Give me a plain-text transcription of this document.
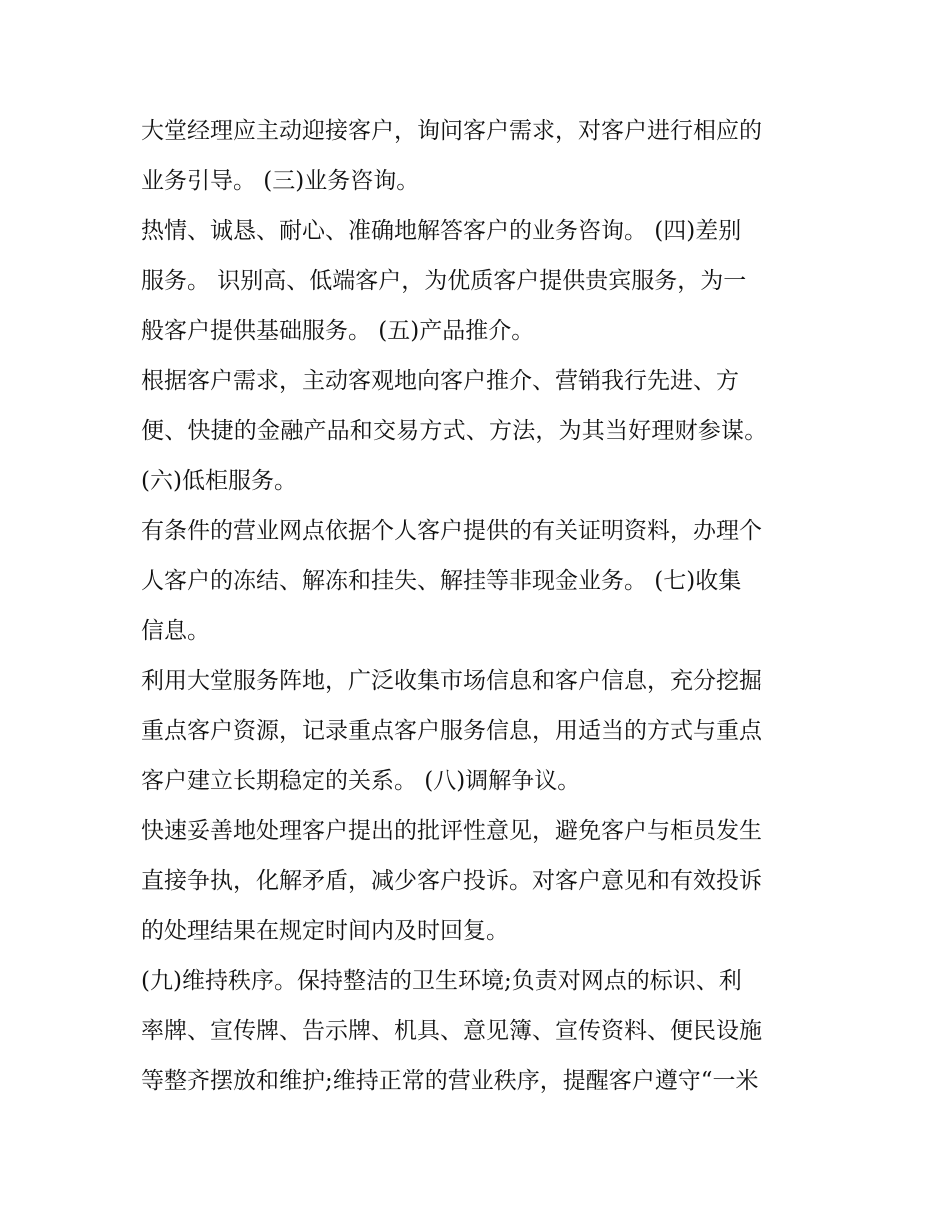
大堂经理应主动迎接客户，询问客户需求，对客户进行相应的
业务引导。 (三)业务咨询。
热情、诚恳、耐心、准确地解答客户的业务咨询。 (四)差别
服务。 识别高、低端客户，为优质客户提供贵宾服务，为一
般客户提供基础服务。 (五)产品推介。
根据客户需求，主动客观地向客户推介、营销我行先进、方
便、快捷的金融产品和交易方式、方法，为其当好理财参谋。
(六)低柜服务。
有条件的营业网点依据个人客户提供的有关证明资料，办理个
人客户的冻结、解冻和挂失、解挂等非现金业务。 (七)收集
信息。
利用大堂服务阵地，广泛收集市场信息和客户信息，充分挖掘
重点客户资源，记录重点客户服务信息，用适当的方式与重点
客户建立长期稳定的关系。 (八)调解争议。
快速妥善地处理客户提出的批评性意见，避免客户与柜员发生
直接争执，化解矛盾，减少客户投诉。对客户意见和有效投诉
的处理结果在规定时间内及时回复。
(九)维持秩序。保持整洁的卫生环境;负责对网点的标识、利
率牌、宣传牌、告示牌、机具、意见簿、宣传资料、便民设施
等整齐摆放和维护;维持正常的营业秩序，提醒客户遵守“一米
